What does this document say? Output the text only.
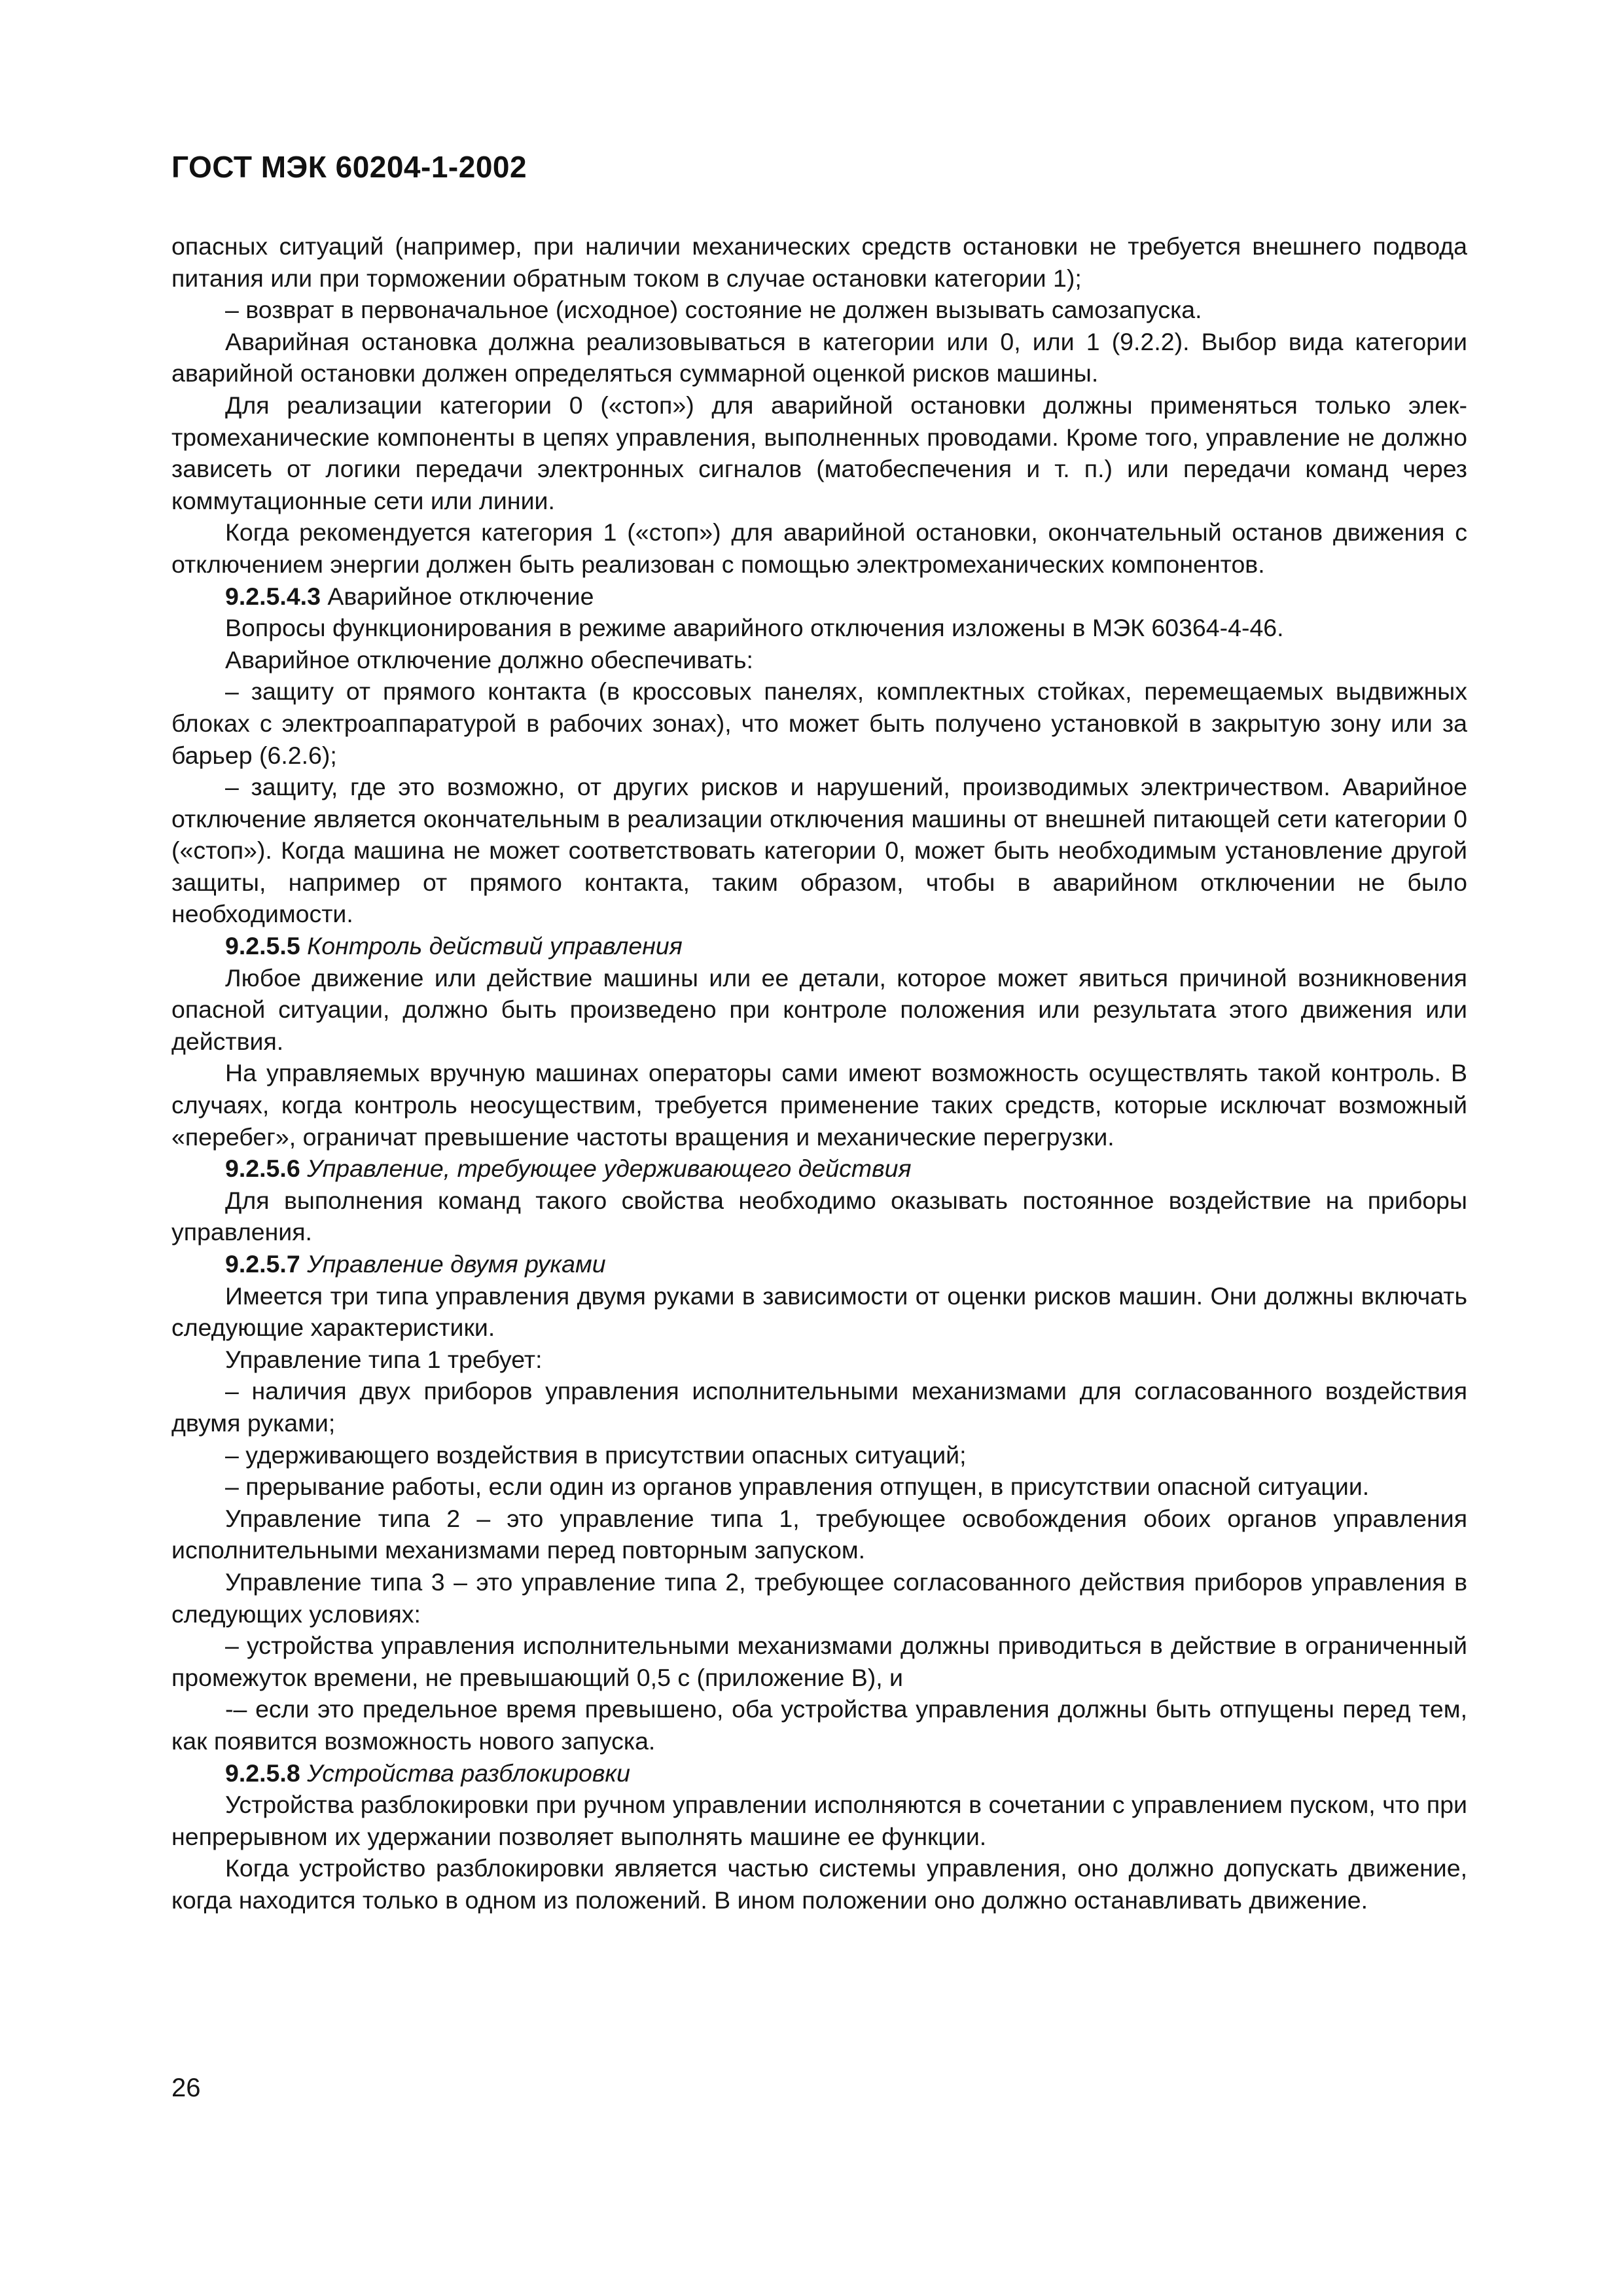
ГОСТ МЭК 60204-1-2002

опасных ситуаций (например, при наличии механических средств остановки не требуется внешнего подвода питания или при торможении обратным током в случае остановки категории 1);

– возврат в первоначальное (исходное) состояние не должен вызывать самозапуска.

Аварийная остановка должна реализовываться в категории или 0, или 1 (9.2.2). Выбор вида категории аварийной остановки должен определяться суммарной оценкой рисков машины.

Для реализации категории 0 («стоп») для аварийной остановки должны применяться только электромеханические компоненты в цепях управления, выполненных проводами. Кроме того, управление не должно зависеть от логики передачи электронных сигналов (матобеспечения и т. п.) или передачи команд через коммутационные сети или линии.

Когда рекомендуется категория 1 («стоп») для аварийной остановки, окончательный останов движения с отключением энергии должен быть реализован с помощью электромеханических компонентов.

9.2.5.4.3 Аварийное отключение

Вопросы функционирования в режиме аварийного отключения изложены в МЭК 60364-4-46.

Аварийное отключение должно обеспечивать:

– защиту от прямого контакта (в кроссовых панелях, комплектных стойках, перемещаемых выдвижных блоках с электроаппаратурой в рабочих зонах), что может быть получено установкой в закрытую зону или за барьер (6.2.6);

– защиту, где это возможно, от других рисков и нарушений, производимых электричеством. Аварийное отключение является окончательным в реализации отключения машины от внешней питающей сети категории 0 («стоп»). Когда машина не может соответствовать категории 0, может быть необходимым установление другой защиты, например от прямого контакта, таким образом, чтобы в аварийном отключении не было необходимости.

9.2.5.5 Контроль действий управления

Любое движение или действие машины или ее детали, которое может явиться причиной возникновения опасной ситуации, должно быть произведено при контроле положения или результата этого движения или действия.

На управляемых вручную машинах операторы сами имеют возможность осуществлять такой контроль. В случаях, когда контроль неосуществим, требуется применение таких средств, которые исключат возможный «перебег», ограничат превышение частоты вращения и механические перегрузки.

9.2.5.6 Управление, требующее удерживающего действия

Для выполнения команд такого свойства необходимо оказывать постоянное воздействие на приборы управления.

9.2.5.7 Управление двумя руками

Имеется три типа управления двумя руками в зависимости от оценки рисков машин. Они должны включать следующие характеристики.

Управление типа 1 требует:

– наличия двух приборов управления исполнительными механизмами для согласованного воздействия двумя руками;

– удерживающего воздействия в присутствии опасных ситуаций;

– прерывание работы, если один из органов управления отпущен, в присутствии опасной ситуации.

Управление типа 2 – это управление типа 1, требующее освобождения обоих органов управления исполнительными механизмами перед повторным запуском.

Управление типа 3 – это управление типа 2, требующее согласованного действия приборов управления в следующих условиях:

– устройства управления исполнительными механизмами должны приводиться в действие в ограниченный промежуток времени, не превышающий 0,5 с (приложение В), и

-– если это предельное время превышено, оба устройства управления должны быть отпущены перед тем, как появится возможность нового запуска.

9.2.5.8 Устройства разблокировки

Устройства разблокировки при ручном управлении исполняются в сочетании с управлением пуском, что при непрерывном их удержании позволяет выполнять машине ее функции.

Когда устройство разблокировки является частью системы управления, оно должно допускать движение, когда находится только в одном из положений. В ином положении оно должно останавливать движение.

26
